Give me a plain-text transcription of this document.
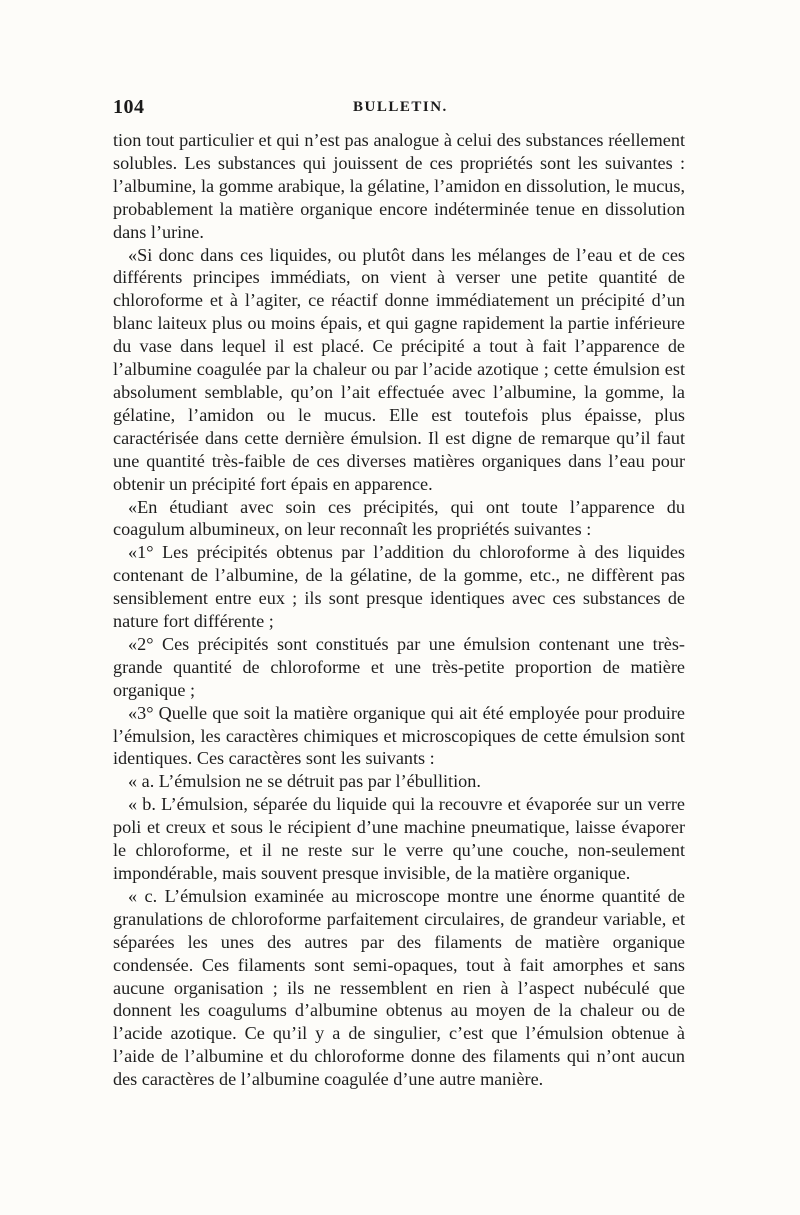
104	BULLETIN.

tion tout particulier et qui n’est pas analogue à celui des substances réellement solubles. Les substances qui jouissent de ces propriétés sont les suivantes : l’albumine, la gomme arabique, la gélatine, l’amidon en dissolution, le mucus, probablement la matière organique encore indéterminée tenue en dissolution dans l’urine.

«Si donc dans ces liquides, ou plutôt dans les mélanges de l’eau et de ces différents principes immédiats, on vient à verser une petite quantité de chloroforme et à l’agiter, ce réactif donne immédiatement un précipité d’un blanc laiteux plus ou moins épais, et qui gagne rapidement la partie inférieure du vase dans lequel il est placé. Ce précipité a tout à fait l’apparence de l’albumine coagulée par la chaleur ou par l’acide azotique ; cette émulsion est absolument semblable, qu’on l’ait effectuée avec l’albumine, la gomme, la gélatine, l’amidon ou le mucus. Elle est toutefois plus épaisse, plus caractérisée dans cette dernière émulsion. Il est digne de remarque qu’il faut une quantité très-faible de ces diverses matières organiques dans l’eau pour obtenir un précipité fort épais en apparence.

«En étudiant avec soin ces précipités, qui ont toute l’apparence du coagulum albumineux, on leur reconnaît les propriétés suivantes :

«1° Les précipités obtenus par l’addition du chloroforme à des liquides contenant de l’albumine, de la gélatine, de la gomme, etc., ne diffèrent pas sensiblement entre eux ; ils sont presque identiques avec ces substances de nature fort différente ;

«2° Ces précipités sont constitués par une émulsion contenant une très-grande quantité de chloroforme et une très-petite proportion de matière organique ;

«3° Quelle que soit la matière organique qui ait été employée pour produire l’émulsion, les caractères chimiques et microscopiques de cette émulsion sont identiques. Ces caractères sont les suivants :

« a. L’émulsion ne se détruit pas par l’ébullition.

« b. L’émulsion, séparée du liquide qui la recouvre et évaporée sur un verre poli et creux et sous le récipient d’une machine pneumatique, laisse évaporer le chloroforme, et il ne reste sur le verre qu’une couche, non-seulement impondérable, mais souvent presque invisible, de la matière organique.

« c. L’émulsion examinée au microscope montre une énorme quantité de granulations de chloroforme parfaitement circulaires, de grandeur variable, et séparées les unes des autres par des filaments de matière organique condensée. Ces filaments sont semi-opaques, tout à fait amorphes et sans aucune organisation ; ils ne ressemblent en rien à l’aspect nubéculé que donnent les coagulums d’albumine obtenus au moyen de la chaleur ou de l’acide azotique. Ce qu’il y a de singulier, c’est que l’émulsion obtenue à l’aide de l’albumine et du chloroforme donne des filaments qui n’ont aucun des caractères de l’albumine coagulée d’une autre manière.
